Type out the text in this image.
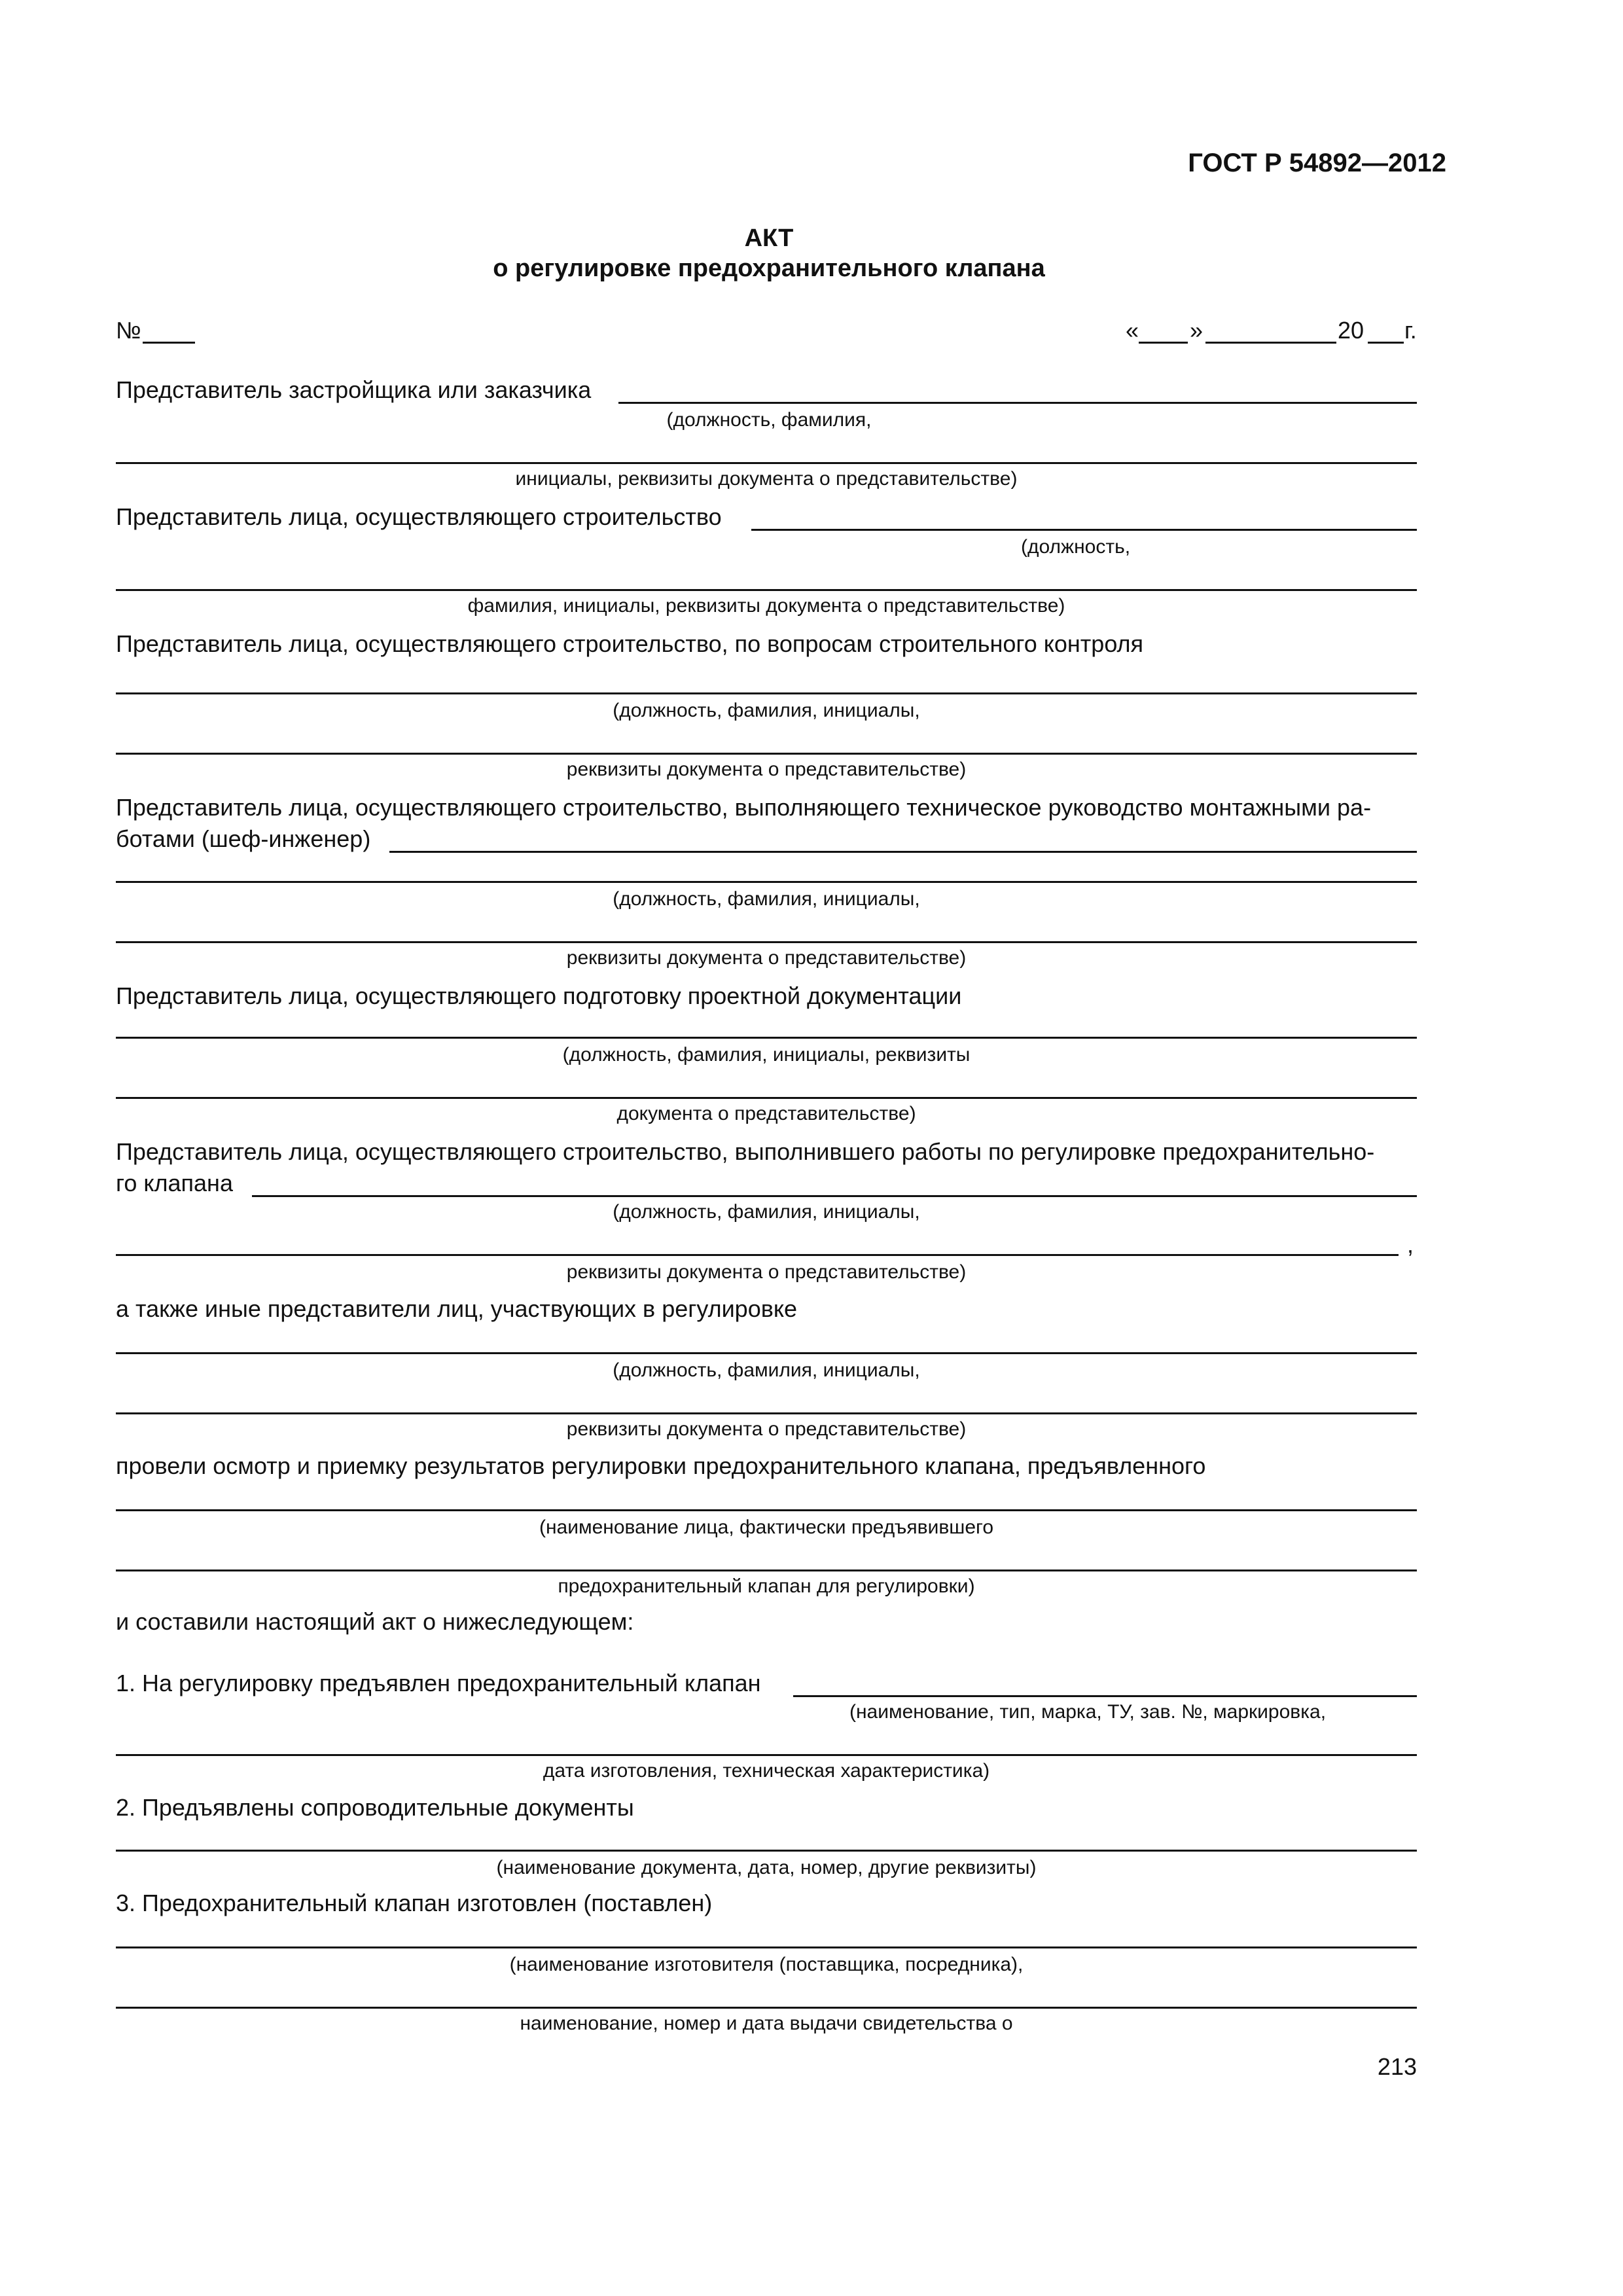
ГОСТ Р 54892—2012
АКТ
о регулировке предохранительного клапана
№	« »	20 г.
Представитель застройщика или заказчика
(должность, фамилия,
инициалы, реквизиты документа о представительстве)
Представитель лица, осуществляющего строительство
(должность,
фамилия, инициалы, реквизиты документа о представительстве)
Представитель лица, осуществляющего строительство, по вопросам строительного контроля
(должность, фамилия, инициалы,
реквизиты документа о представительстве)
Представитель лица, осуществляющего строительство, выполняющего техническое руководство монтажными ра-
ботами (шеф-инженер)
(должность, фамилия, инициалы,
реквизиты документа о представительстве)
Представитель лица, осуществляющего подготовку проектной документации
(должность, фамилия, инициалы, реквизиты
документа о представительстве)
Представитель лица, осуществляющего строительство, выполнившего работы по регулировке предохранительно-
го клапана
(должность, фамилия, инициалы,
,
реквизиты документа о представительстве)
а также иные представители лиц, участвующих в регулировке
(должность, фамилия, инициалы,
реквизиты документа о представительстве)
провели осмотр и приемку результатов регулировки предохранительного клапана, предъявленного
(наименование лица, фактически предъявившего
предохранительный клапан для регулировки)
и составили настоящий акт о нижеследующем:
1. На регулировку предъявлен предохранительный клапан
(наименование, тип, марка, ТУ, зав. №, маркировка,
дата изготовления, техническая характеристика)
2. Предъявлены сопроводительные документы
(наименование документа, дата, номер, другие реквизиты)
3. Предохранительный клапан изготовлен (поставлен)
(наименование изготовителя (поставщика, посредника),
наименование, номер и дата выдачи свидетельства о
213
